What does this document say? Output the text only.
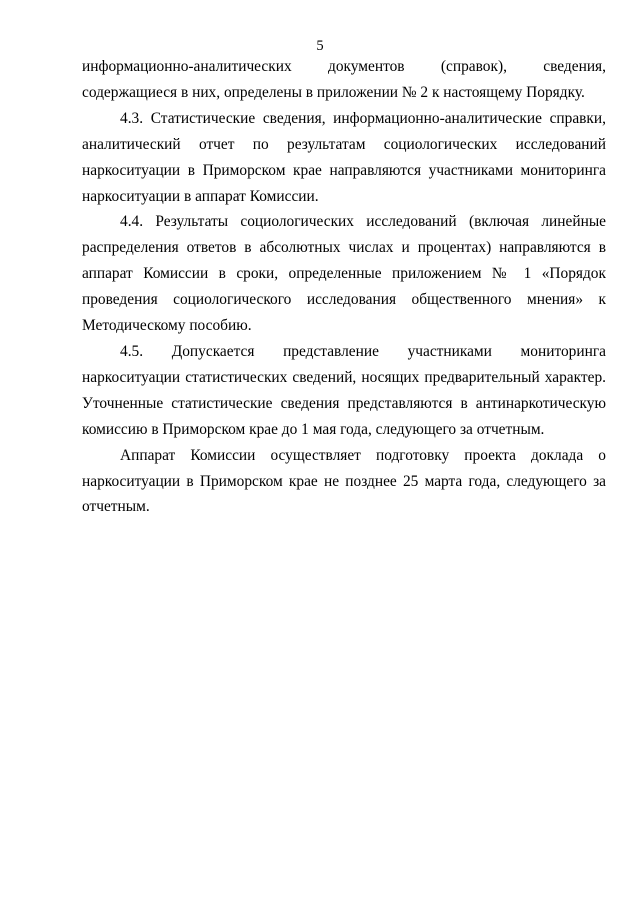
5

информационно-аналитических документов (справок), сведения, содержащиеся в них, определены в приложении № 2 к настоящему Порядку.

4.3. Статистические сведения, информационно-аналитические справки, аналитический отчет по результатам социологических исследований наркоситуации в Приморском крае направляются участниками мониторинга наркоситуации в аппарат Комиссии.

4.4. Результаты социологических исследований (включая линейные распределения ответов в абсолютных числах и процентах) направляются в аппарат Комиссии в сроки, определенные приложением № 1 «Порядок проведения социологического исследования общественного мнения» к Методическому пособию.

4.5. Допускается представление участниками мониторинга наркоситуации статистических сведений, носящих предварительный характер. Уточненные статистические сведения представляются в антинаркотическую комиссию в Приморском крае до 1 мая года, следующего за отчетным.

Аппарат Комиссии осуществляет подготовку проекта доклада о наркоситуации в Приморском крае не позднее 25 марта года, следующего за отчетным.
